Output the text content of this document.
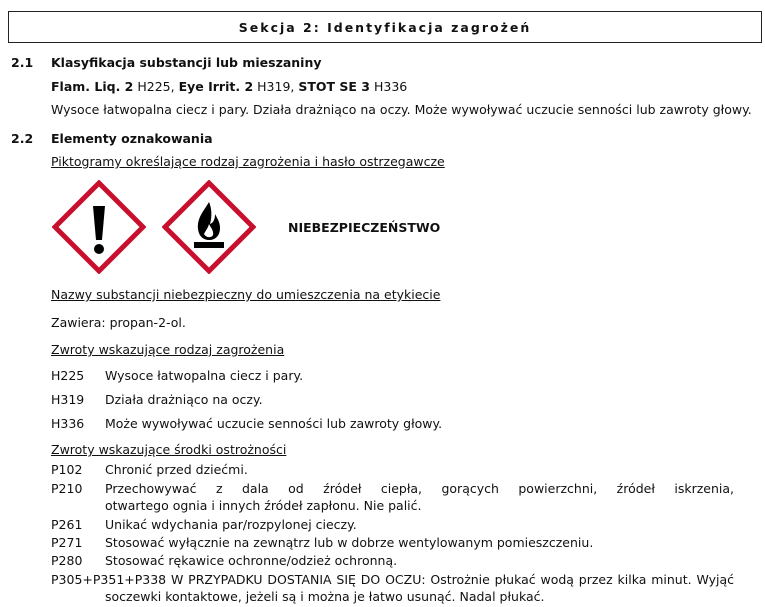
Sekcja 2: Identyfikacja zagrożeń
2.1 Klasyfikacja substancji lub mieszaniny
Flam. Liq. 2 H225, Eye Irrit. 2 H319, STOT SE 3 H336
Wysoce łatwopalna ciecz i pary. Działa drażniąco na oczy. Może wywoływać uczucie senności lub zawroty głowy.
2.2 Elementy oznakowania
Piktogramy określające rodzaj zagrożenia i hasło ostrzegawcze
NIEBEZPIECZEŃSTWO
Nazwy substancji niebezpieczny do umieszczenia na etykiecie
Zawiera: propan-2-ol.
Zwroty wskazujące rodzaj zagrożenia
H225 Wysoce łatwopalna ciecz i pary.
H319 Działa drażniąco na oczy.
H336 Może wywoływać uczucie senności lub zawroty głowy.
Zwroty wskazujące środki ostrożności
P102 Chronić przed dziećmi.
P210 Przechowywać z dala od źródeł ciepła, gorących powierzchni, źródeł iskrzenia,
otwartego ognia i innych źródeł zapłonu. Nie palić.
P261 Unikać wdychania par/rozpylonej cieczy.
P271 Stosować wyłącznie na zewnątrz lub w dobrze wentylowanym pomieszczeniu.
P280 Stosować rękawice ochronne/odzież ochronną.
P305+P351+P338 W PRZYPADKU DOSTANIA SIĘ DO OCZU: Ostrożnie płukać wodą przez kilka minut. Wyjąć
soczewki kontaktowe, jeżeli są i można je łatwo usunąć. Nadal płukać.
